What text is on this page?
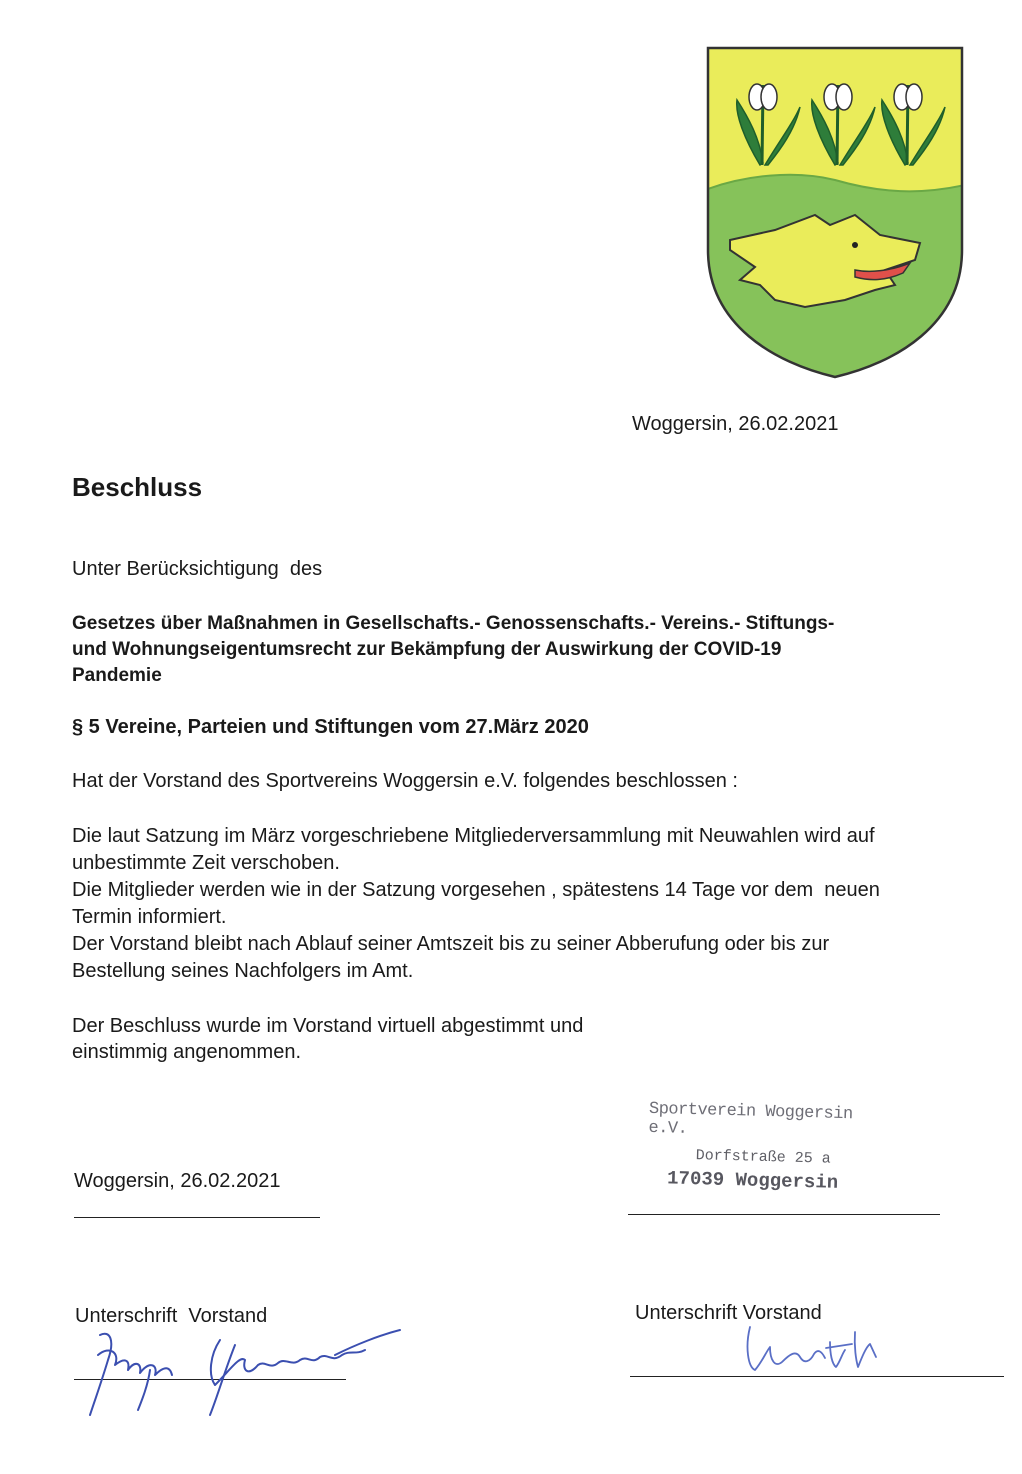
Woggersin, 26.02.2021
Beschluss
Unter Berücksichtigung  des
Gesetzes über Maßnahmen in Gesellschafts.- Genossenschafts.- Vereins.- Stiftungs-
und Wohnungseigentumsrecht zur Bekämpfung der Auswirkung der COVID-19
Pandemie
§ 5 Vereine, Parteien und Stiftungen vom 27.März 2020
Hat der Vorstand des Sportvereins Woggersin e.V. folgendes beschlossen :
Die laut Satzung im März vorgeschriebene Mitgliederversammlung mit Neuwahlen wird auf
unbestimmte Zeit verschoben.
Die Mitglieder werden wie in der Satzung vorgesehen , spätestens 14 Tage vor dem  neuen
Termin informiert.
Der Vorstand bleibt nach Ablauf seiner Amtszeit bis zu seiner Abberufung oder bis zur
Bestellung seines Nachfolgers im Amt.
Der Beschluss wurde im Vorstand virtuell abgestimmt und
einstimmig angenommen.
Sportverein Woggersin e.V.
Dorfstraße 25 a
17039 Woggersin
Woggersin, 26.02.2021
Unterschrift  Vorstand	Unterschrift Vorstand
